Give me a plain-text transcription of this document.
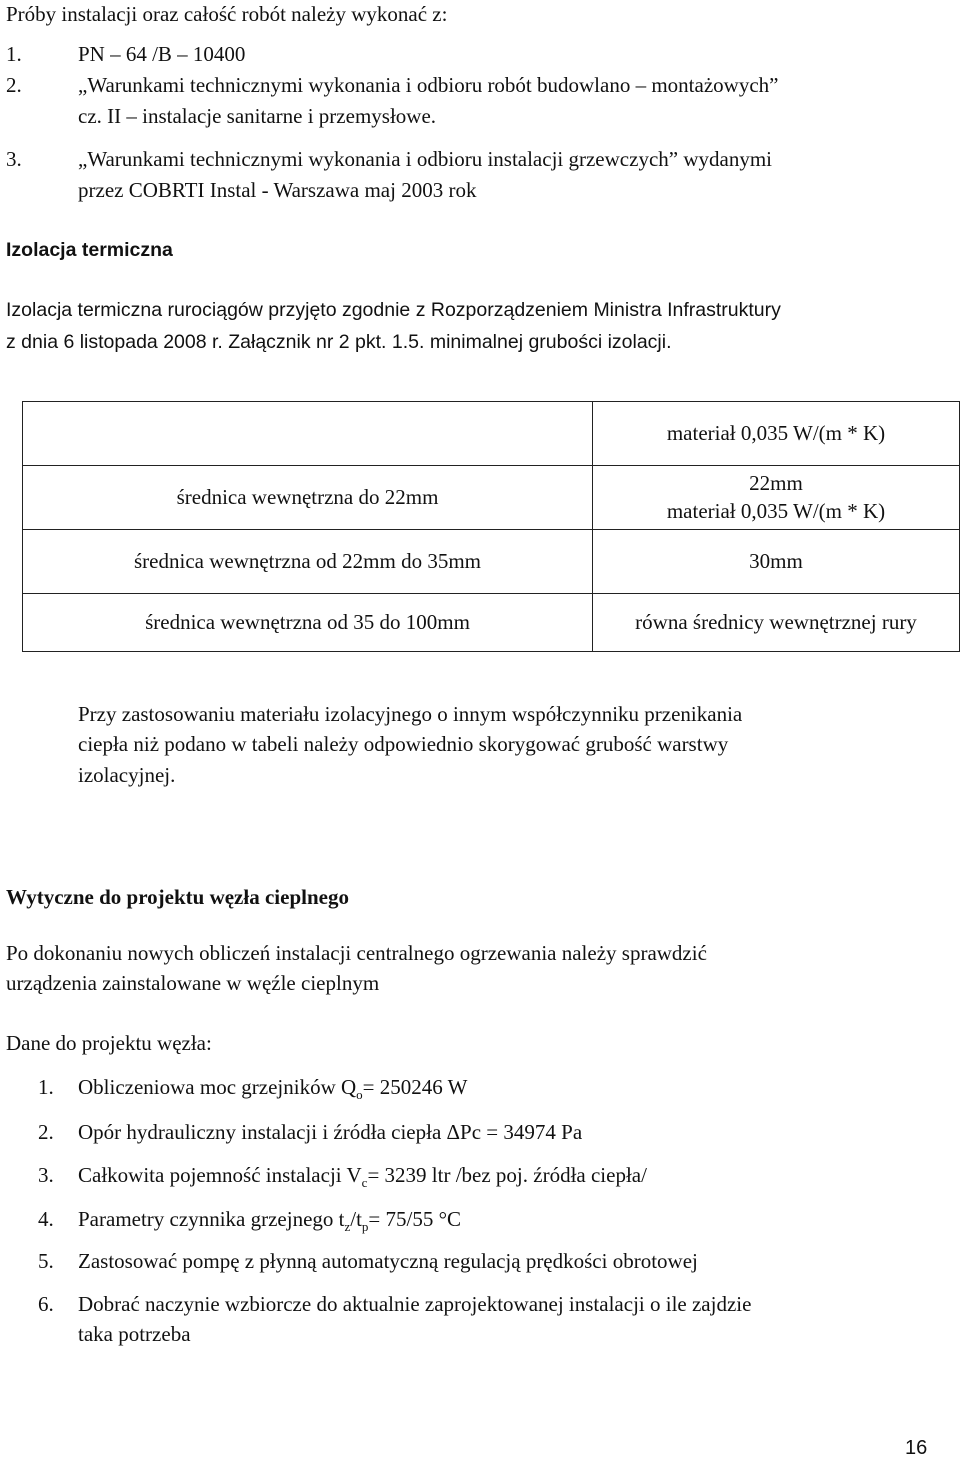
Próby instalacji oraz całość robót należy wykonać z:
1.	PN – 64 /B – 10400
2.	„Warunkami technicznymi wykonania i odbioru robót budowlano – montażowych”
cz. II – instalacje sanitarne i przemysłowe.
3.	„Warunkami technicznymi wykonania i odbioru instalacji grzewczych” wydanymi
przez COBRTI Instal - Warszawa maj 2003 rok
Izolacja termiczna
Izolacja termiczna rurociągów przyjęto zgodnie z Rozporządzeniem Ministra Infrastruktury
z dnia 6 listopada 2008 r. Załącznik nr 2 pkt. 1.5. minimalnej grubości izolacji.
	materiał 0,035 W/(m * K)
średnica wewnętrzna do 22mm	22mm
materiał 0,035 W/(m * K)

średnica wewnętrzna od 22mm do 35mm	30mm
średnica wewnętrzna od 35 do 100mm	równa średnicy wewnętrznej rury
Przy zastosowaniu materiału izolacyjnego o innym współczynniku przenikania
ciepła niż podano w tabeli należy odpowiednio skorygować grubość warstwy
izolacyjnej.
Wytyczne do projektu węzła cieplnego
Po dokonaniu nowych obliczeń instalacji centralnego ogrzewania należy sprawdzić
urządzenia zainstalowane w węźle cieplnym
Dane do projektu węzła:
1. Obliczeniowa moc grzejników $Q_o= 250246$ W
2. Opór hydrauliczny instalacji i źródła ciepła ΔPc = 34974 Pa
3. Całkowita pojemność instalacji $V_c= 3239$ ltr /bez poj. źródła ciepła/
4. Parametry czynnika grzejnego $t_z/t_p= 75/55$ °C
5. Zastosować pompę z płynną automatyczną regulacją prędkości obrotowej
6. Dobrać naczynie wzbiorcze do aktualnie zaprojektowanej instalacji o ile zajdzie
taka potrzeba
16
